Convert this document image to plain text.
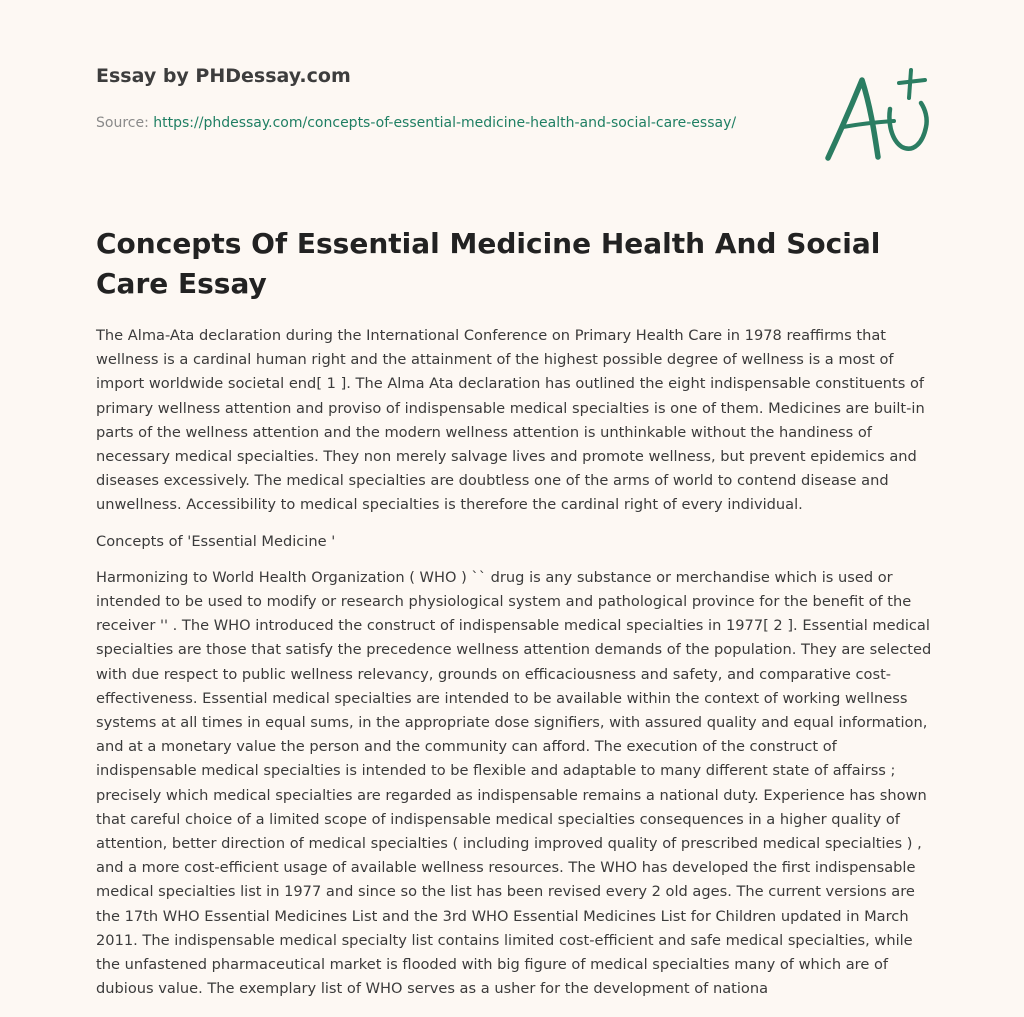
Essay by PHDessay.com
Source: https://phdessay.com/concepts-of-essential-medicine-health-and-social-care-essay/
Concepts Of Essential Medicine Health And Social Care Essay

The Alma-Ata declaration during the International Conference on Primary Health Care in 1978 reaffirms that wellness is a cardinal human right and the attainment of the highest possible degree of wellness is a most of import worldwide societal end[ 1 ]. The Alma Ata declaration has outlined the eight indispensable constituents of primary wellness attention and proviso of indispensable medical specialties is one of them. Medicines are built-in parts of the wellness attention and the modern wellness attention is unthinkable without the handiness of necessary medical specialties. They non merely salvage lives and promote wellness, but prevent epidemics and diseases excessively. The medical specialties are doubtless one of the arms of world to contend disease and unwellness. Accessibility to medical specialties is therefore the cardinal right of every individual.

Concepts of 'Essential Medicine '

Harmonizing to World Health Organization ( WHO ) `` drug is any substance or merchandise which is used or intended to be used to modify or research physiological system and pathological province for the benefit of the receiver '' . The WHO introduced the construct of indispensable medical specialties in 1977[ 2 ]. Essential medical specialties are those that satisfy the precedence wellness attention demands of the population. They are selected with due respect to public wellness relevancy, grounds on efficaciousness and safety, and comparative cost-effectiveness. Essential medical specialties are intended to be available within the context of working wellness systems at all times in equal sums, in the appropriate dose signifiers, with assured quality and equal information, and at a monetary value the person and the community can afford. The execution of the construct of indispensable medical specialties is intended to be flexible and adaptable to many different state of affairss ; precisely which medical specialties are regarded as indispensable remains a national duty. Experience has shown that careful choice of a limited scope of indispensable medical specialties consequences in a higher quality of attention, better direction of medical specialties ( including improved quality of prescribed medical specialties ) , and a more cost-efficient usage of available wellness resources. The WHO has developed the first indispensable medical specialties list in 1977 and since so the list has been revised every 2 old ages. The current versions are the 17th WHO Essential Medicines List and the 3rd WHO Essential Medicines List for Children updated in March 2011. The indispensable medical specialty list contains limited cost-efficient and safe medical specialties, while the unfastened pharmaceutical market is flooded with big figure of medical specialties many of which are of dubious value. The exemplary list of WHO serves as a usher for the development of nationa
